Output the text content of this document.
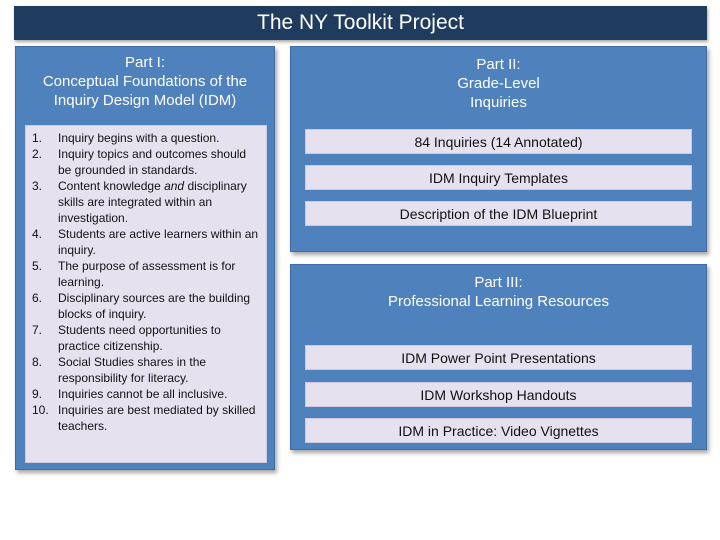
The NY Toolkit Project
Part I:
Conceptual Foundations of the
Inquiry Design Model (IDM)
1.	Inquiry begins with a question.
2.	Inquiry topics and outcomes should be grounded in standards.
3.	Content knowledge and disciplinary skills are integrated within an investigation.
4.	Students are active learners within an inquiry.
5.	The purpose of assessment is for learning.
6.	Disciplinary sources are the building blocks of inquiry.
7.	Students need opportunities to practice citizenship.
8.	Social Studies shares in the responsibility for literacy.
9.	Inquiries cannot be all inclusive.
10. Inquiries are best mediated by skilled teachers.
Part II:
Grade-Level
Inquiries
84 Inquiries (14 Annotated)
IDM Inquiry Templates
Description of the IDM Blueprint
Part III:
Professional Learning Resources
IDM Power Point Presentations
IDM Workshop Handouts
IDM in Practice: Video Vignettes
